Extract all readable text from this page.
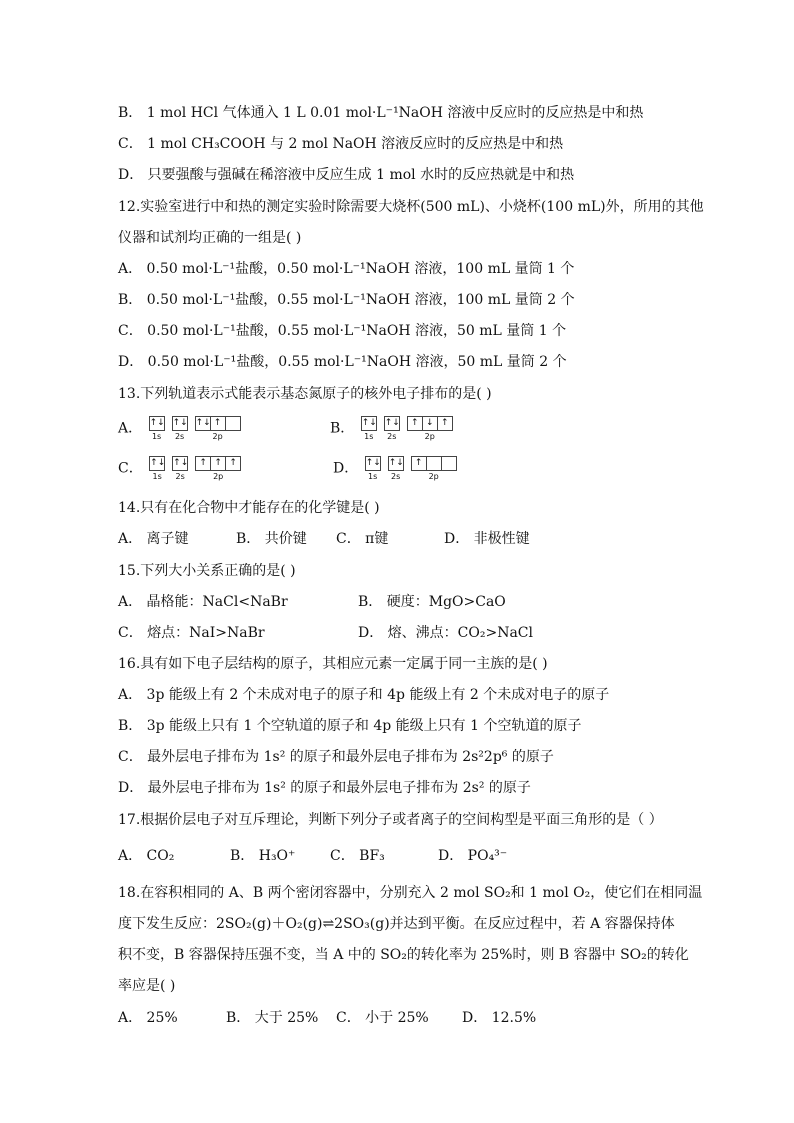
B． 1 mol HCl 气体通入 1 L 0.01 mol·L⁻¹NaOH 溶液中反应时的反应热是中和热
C． 1 mol CH₃COOH 与 2 mol NaOH 溶液反应时的反应热是中和热
D． 只要强酸与强碱在稀溶液中反应生成 1 mol 水时的反应热就是中和热
12.实验室进行中和热的测定实验时除需要大烧杯(500 mL)、小烧杯(100 mL)外，所用的其他
仪器和试剂均正确的一组是( )
A． 0.50 mol·L⁻¹盐酸，0.50 mol·L⁻¹NaOH 溶液，100 mL 量筒 1 个
B． 0.50 mol·L⁻¹盐酸，0.55 mol·L⁻¹NaOH 溶液，100 mL 量筒 2 个
C． 0.50 mol·L⁻¹盐酸，0.55 mol·L⁻¹NaOH 溶液，50 mL 量筒 1 个
D． 0.50 mol·L⁻¹盐酸，0.55 mol·L⁻¹NaOH 溶液，50 mL 量筒 2 个
13.下列轨道表示式能表示基态氮原子的核外电子排布的是( )
A． ↑↓
1s
↑↓
2s
↑↓ ↑
2p	B． ↑↓
1s
↑↓
2s
↑ ↓ ↑
2p
C． ↑↓
1s
↑↓
2s
↑ ↑ ↑
2p	D． ↑↓
1s
↑↓
2s
↑
2p
14.只有在化合物中才能存在的化学键是( )
A． 离子键	B． 共价键 C． π键	D． 非极性键
15.下列大小关系正确的是( )
A． 晶格能：NaCl<NaBr	B． 硬度：MgO>CaO
C． 熔点：NaI>NaBr	D． 熔、沸点：CO₂>NaCl
16.具有如下电子层结构的原子，其相应元素一定属于同一主族的是( )
A． 3p 能级上有 2 个未成对电子的原子和 4p 能级上有 2 个未成对电子的原子
B． 3p 能级上只有 1 个空轨道的原子和 4p 能级上只有 1 个空轨道的原子
C． 最外层电子排布为 1s² 的原子和最外层电子排布为 2s²2p⁶ 的原子
D． 最外层电子排布为 1s² 的原子和最外层电子排布为 2s² 的原子
17.根据价层电子对互斥理论，判断下列分子或者离子的空间构型是平面三角形的是（ ）
A． CO₂	B． H₃O⁺ C． BF₃	D． PO₄³⁻
18.在容积相同的 A、B 两个密闭容器中，分别充入 2 mol SO₂和 1 mol O₂，使它们在相同温
度下发生反应：2SO₂(g)＋O₂(g)⇌2SO₃(g)并达到平衡。在反应过程中，若 A 容器保持体
积不变，B 容器保持压强不变，当 A 中的 SO₂的转化率为 25%时，则 B 容器中 SO₂的转化
率应是( )
A． 25%	B． 大于 25% C． 小于 25% D． 12.5%
